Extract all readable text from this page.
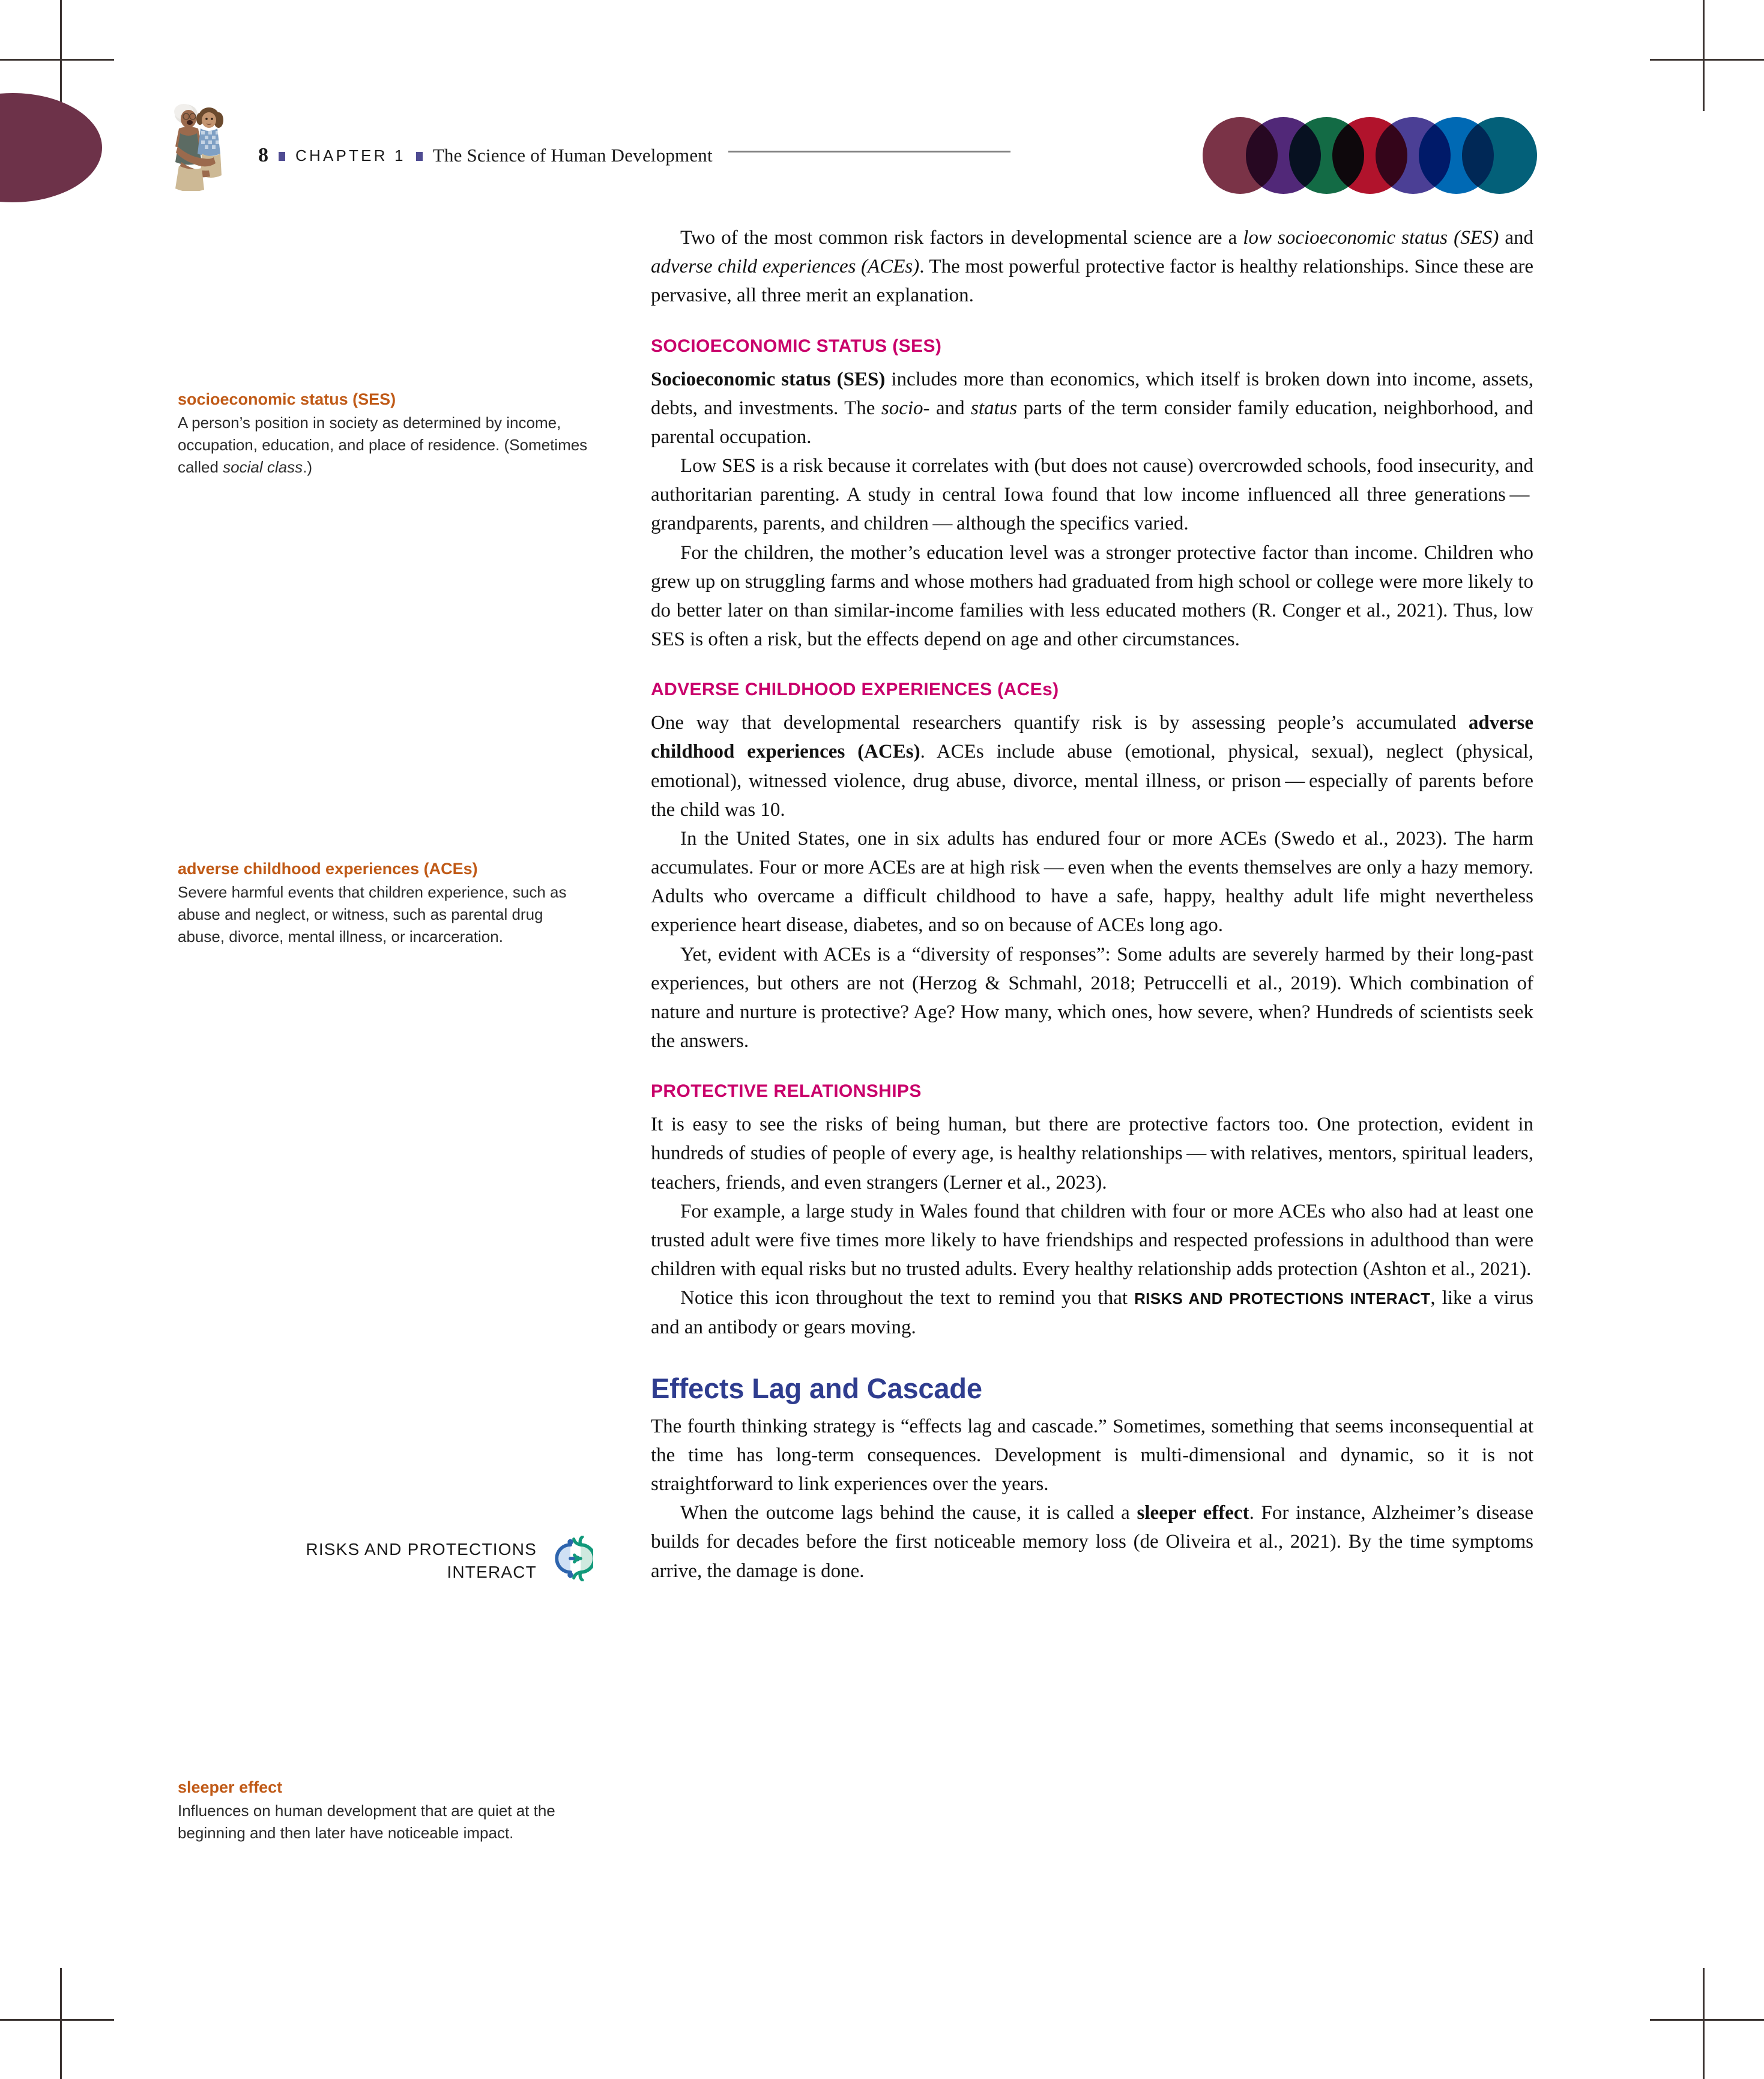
8 CHAPTER 1 The Science of Human Development
socioeconomic status (SES)
A person’s position in society as determined by income, occupation, education, and place of residence. (Sometimes called social class.)
adverse childhood experiences (ACEs)
Severe harmful events that children experience, such as abuse and neglect, or witness, such as parental drug abuse, divorce, mental illness, or incarceration.
sleeper effect
Influences on human development that are quiet at the beginning and then later have noticeable impact.
RISKS AND PROTECTIONS
INTERACT

Two of the most common risk factors in developmental science are a low socioeconomic status (SES) and adverse child experiences (ACEs). The most powerful protective factor is healthy relationships. Since these are pervasive, all three merit an explanation.

SOCIOECONOMIC STATUS (SES)

Socioeconomic status (SES) includes more than economics, which itself is broken down into income, assets, debts, and investments. The socio- and status parts of the term consider family education, neighborhood, and parental occupation.

Low SES is a risk because it correlates with (but does not cause) overcrowded schools, food insecurity, and authoritarian parenting. A study in central Iowa found that low income influenced all three generations — grandparents, parents, and children — although the specifics varied.

For the children, the mother’s education level was a stronger protective factor than income. Children who grew up on struggling farms and whose mothers had graduated from high school or college were more likely to do better later on than similar-income families with less educated mothers (R. Conger et al., 2021). Thus, low SES is often a risk, but the effects depend on age and other circumstances.

ADVERSE CHILDHOOD EXPERIENCES (ACEs)

One way that developmental researchers quantify risk is by assessing people’s accumulated adverse childhood experiences (ACEs). ACEs include abuse (emotional, physical, sexual), neglect (physical, emotional), witnessed violence, drug abuse, divorce, mental illness, or prison — especially of parents before the child was 10.

In the United States, one in six adults has endured four or more ACEs (Swedo et al., 2023). The harm accumulates. Four or more ACEs are at high risk — even when the events themselves are only a hazy memory. Adults who overcame a difficult childhood to have a safe, happy, healthy adult life might nevertheless experience heart disease, diabetes, and so on because of ACEs long ago.

Yet, evident with ACEs is a “diversity of responses”: Some adults are severely harmed by their long-past experiences, but others are not (Herzog & Schmahl, 2018; Petruccelli et al., 2019). Which combination of nature and nurture is protective? Age? How many, which ones, how severe, when? Hundreds of scientists seek the answers.

PROTECTIVE RELATIONSHIPS

It is easy to see the risks of being human, but there are protective factors too. One protection, evident in hundreds of studies of people of every age, is healthy relationships — with relatives, mentors, spiritual leaders, teachers, friends, and even strangers (Lerner et al., 2023).

For example, a large study in Wales found that children with four or more ACEs who also had at least one trusted adult were five times more likely to have friendships and respected professions in adulthood than were children with equal risks but no trusted adults. Every healthy relationship adds protection (Ashton et al., 2021).

Notice this icon throughout the text to remind you that RISKS AND PROTECTIONS INTERACT, like a virus and an antibody or gears moving.

Effects Lag and Cascade

The fourth thinking strategy is “effects lag and cascade.” Sometimes, something that seems inconsequential at the time has long-term consequences. Development is multi-dimensional and dynamic, so it is not straightforward to link experiences over the years.

When the outcome lags behind the cause, it is called a sleeper effect. For instance, Alzheimer’s disease builds for decades before the first noticeable memory loss (de Oliveira et al., 2021). By the time symptoms arrive, the damage is done.
